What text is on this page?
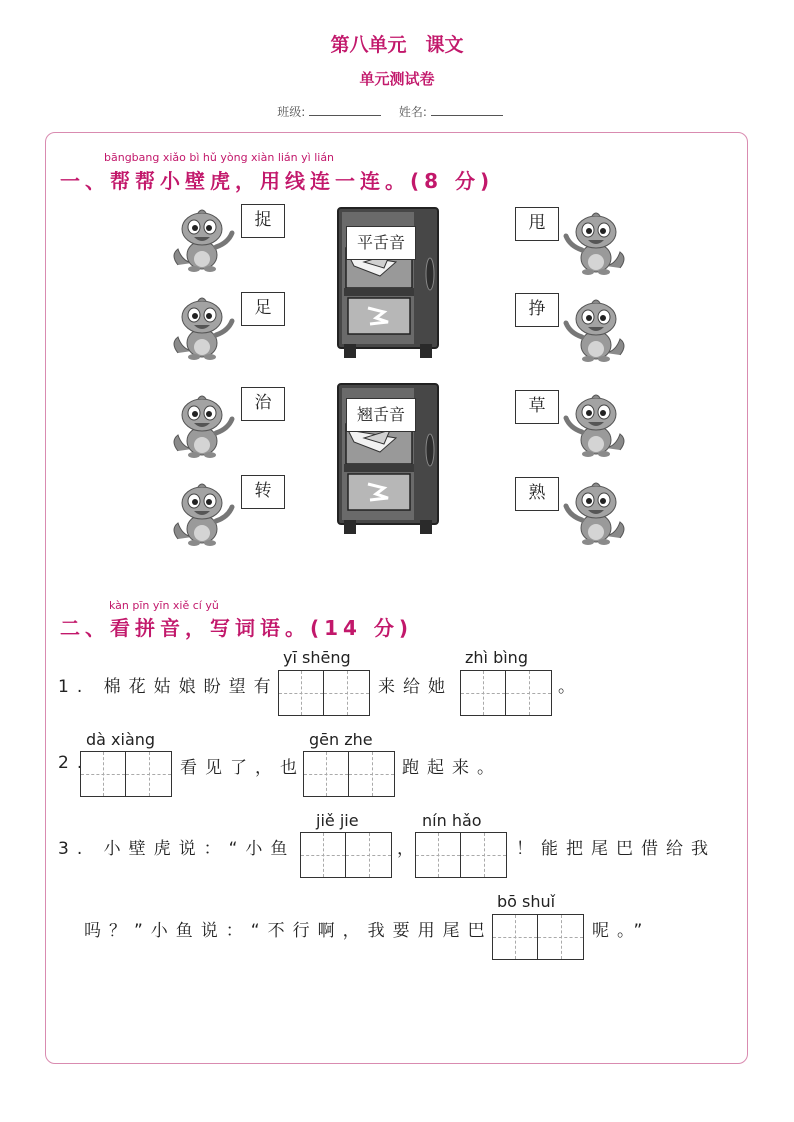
第八单元　课文
单元测试卷
班级:	姓名:
bāngbang xiǎo bì hǔ yòng xiàn lián yì lián
一、帮帮小壁虎，用线连一连。(8 分)
捉
足
治
转
平舌音
翘舌音
甩
挣
草
熟
kàn pīn yīn xiě cí yǔ
二、看拼音，写词语。(14 分)
1. 棉花姑娘盼望有
yī shēng
来给她
zhì bìng
。
2.
dà xiàng
看见了，也
gēn zhe
跑起来。
3. 小壁虎说：“小鱼
jiě jie
，
nín hǎo
！能把尾巴借给我
吗？”小鱼说：“不行啊，我要用尾巴
bō shuǐ
呢。”
